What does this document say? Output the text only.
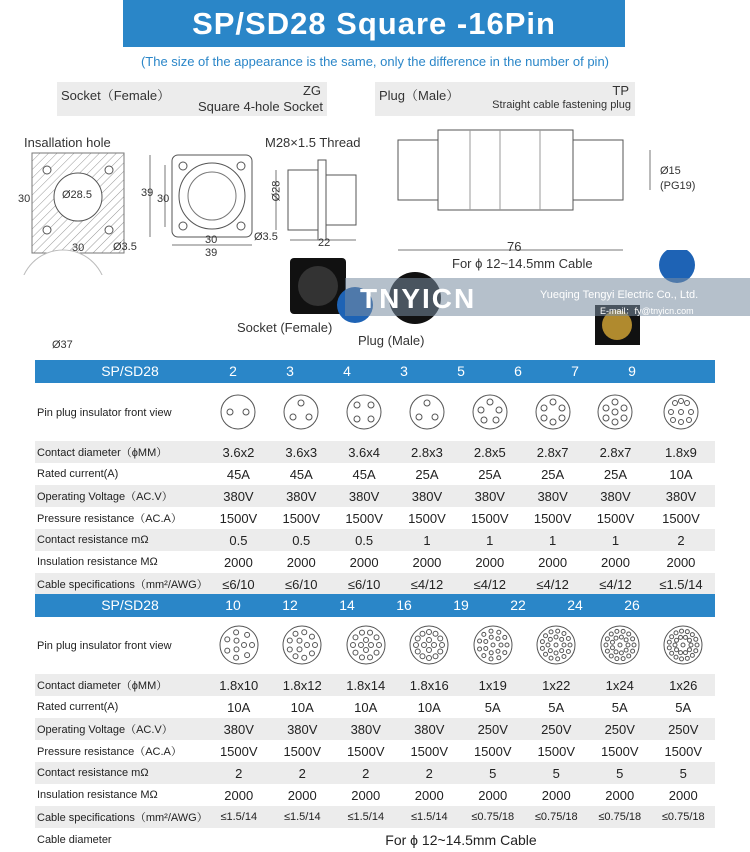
SP/SD28 Square -16Pin
(The size of the appearance is the same, only the difference in the number of pin)
Socket（Female）	ZG
Square 4-hole Socket
Plug（Male）	TP
Straight cable fastening plug
Insallation hole
Ø28.5
30
30	Ø3.5
39 30
30
39
Ø3.5
M28×1.5 Thread
Ø28
22
Ø15
(PG19)
76
For ϕ 12~14.5mm Cable
Ø37
TNYICN	Yueqing Tengyi Electric Co., Ltd.
E-mail：fy@tnyicn.com
Socket (Female)
Plug (Male)
SP/SD28	2	3	4	3	5	6	7	9
Pin plug insulator front view								
Contact diameter（ϕMM）	3.6x2	3.6x3	3.6x4	2.8x3	2.8x5	2.8x7	2.8x7	1.8x9
Rated current(A)	45A	45A	45A	25A	25A	25A	25A	10A
Operating Voltage（AC.V）	380V	380V	380V	380V	380V	380V	380V	380V
Pressure resistance（AC.A）	1500V	1500V	1500V	1500V	1500V	1500V	1500V	1500V
Contact resistance mΩ	0.5	0.5	0.5	1	1	1	1	2
Insulation resistance MΩ	2000	2000	2000	2000	2000	2000	2000	2000
Cable specifications（mm²/AWG）	≤6/10	≤6/10	≤6/10	≤4/12	≤4/12	≤4/12	≤4/12	≤1.5/14
SP/SD28	10	12	14	16	19	22	24	26
Pin plug insulator front view								
Contact diameter（ϕMM）	1.8x10	1.8x12	1.8x14	1.8x16	1x19	1x22	1x24	1x26
Rated current(A)	10A	10A	10A	10A	5A	5A	5A	5A
Operating Voltage（AC.V）	380V	380V	380V	380V	250V	250V	250V	250V
Pressure resistance（AC.A）	1500V	1500V	1500V	1500V	1500V	1500V	1500V	1500V
Contact resistance mΩ	2	2	2	2	5	5	5	5
Insulation resistance MΩ	2000	2000	2000	2000	2000	2000	2000	2000
Cable specifications（mm²/AWG）	≤1.5/14	≤1.5/14	≤1.5/14	≤1.5/14	≤0.75/18	≤0.75/18	≤0.75/18	≤0.75/18
Cable diameter	For ϕ 12~14.5mm Cable							
